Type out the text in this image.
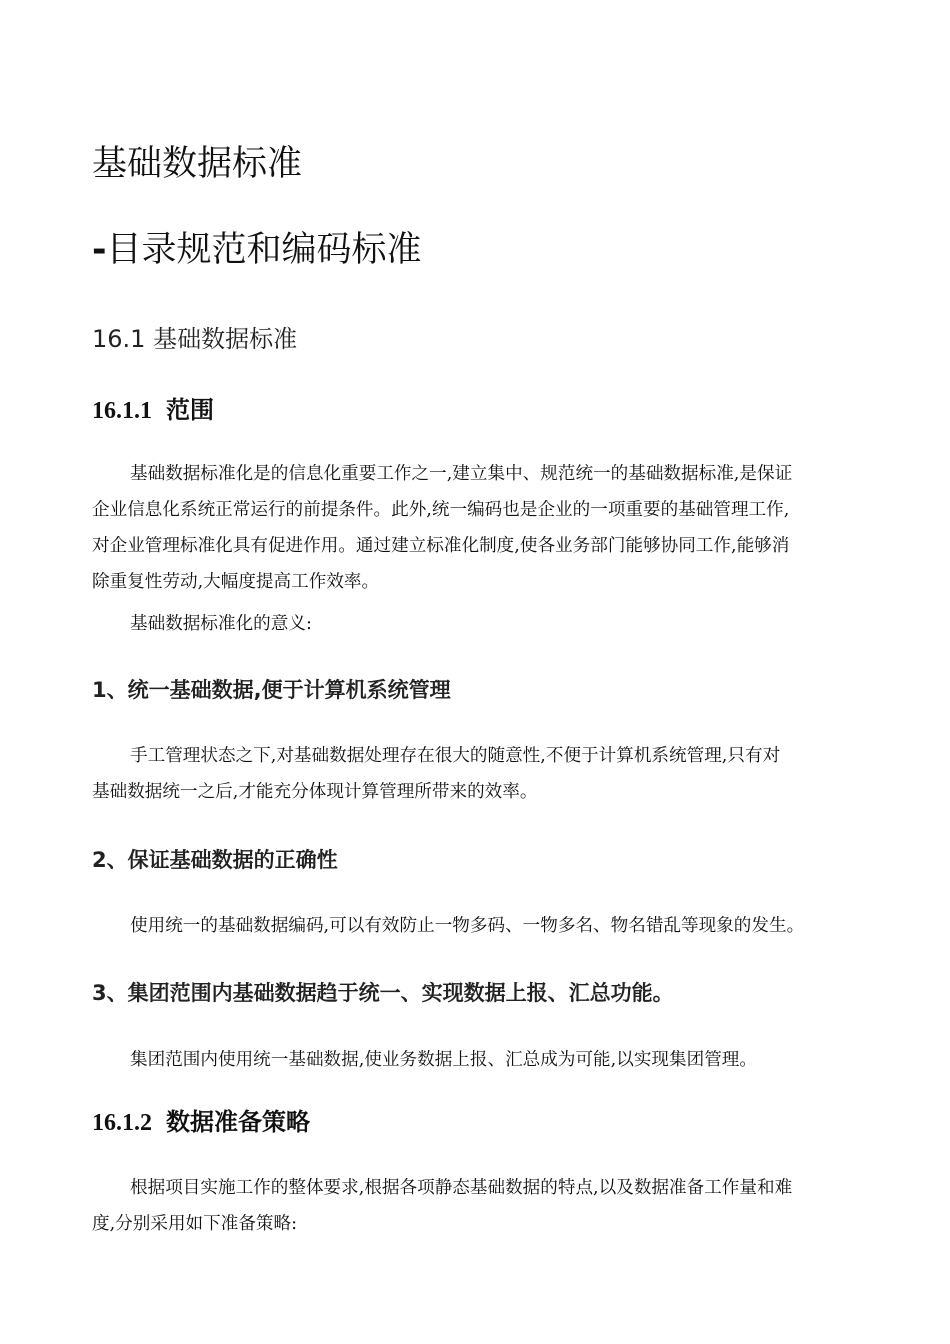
基础数据标准
-目录规范和编码标准
16.1 基础数据标准
16.1.1 范围
基础数据标准化是的信息化重要工作之一,建立集中、规范统一的基础数据标准,是保证
企业信息化系统正常运行的前提条件。此外,统一编码也是企业的一项重要的基础管理工作,
对企业管理标准化具有促进作用。通过建立标准化制度,使各业务部门能够协同工作,能够消
除重复性劳动,大幅度提高工作效率。
基础数据标准化的意义:
1、统一基础数据,便于计算机系统管理
手工管理状态之下,对基础数据处理存在很大的随意性,不便于计算机系统管理,只有对
基础数据统一之后,才能充分体现计算管理所带来的效率。
2、保证基础数据的正确性
使用统一的基础数据编码,可以有效防止一物多码、一物多名、物名错乱等现象的发生。
3、集团范围内基础数据趋于统一、实现数据上报、汇总功能。
集团范围内使用统一基础数据,使业务数据上报、汇总成为可能,以实现集团管理。
16.1.2 数据准备策略
根据项目实施工作的整体要求,根据各项静态基础数据的特点,以及数据准备工作量和难
度,分别采用如下准备策略:
